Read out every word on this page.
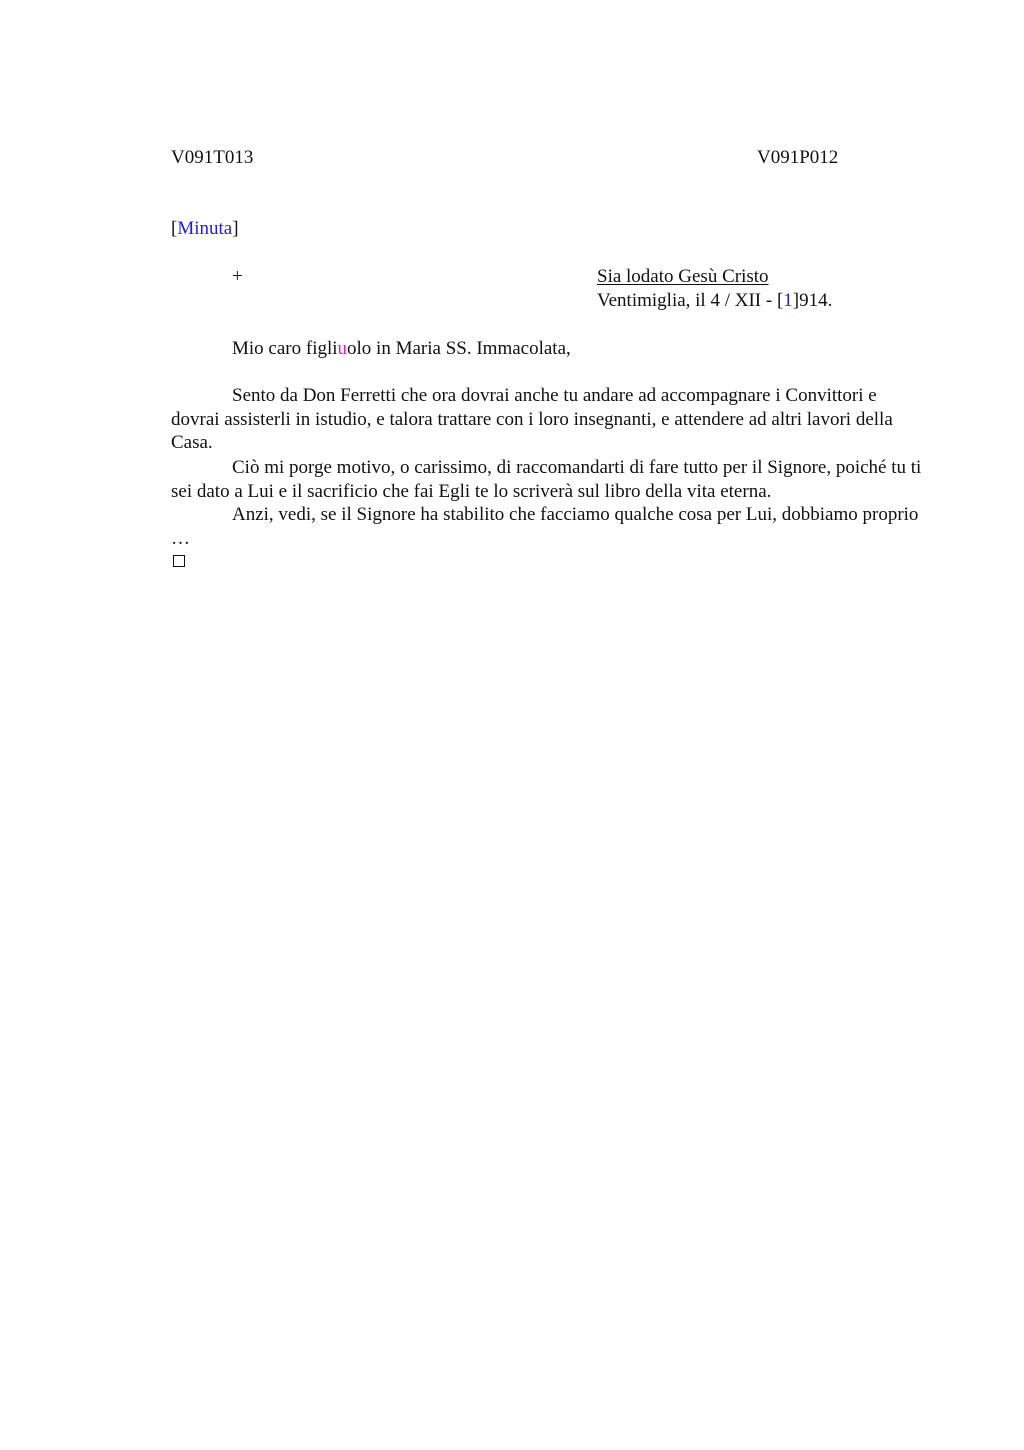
V091T013	V091P012
[Minuta]
+	Sia lodato Gesù Cristo
Ventimiglia, il 4 / XII - [1]914.
Mio caro figliuolo in Maria SS. Immacolata,
Sento da Don Ferretti che ora dovrai anche tu andare ad accompagnare i Convittori e dovrai assisterli in istudio, e talora trattare con i loro insegnanti, e attendere ad altri lavori della Casa.
Ciò mi porge motivo, o carissimo, di raccomandarti di fare tutto per il Signore, poiché tu ti sei dato a Lui e il sacrificio che fai Egli te lo scriverà sul libro della vita eterna.
Anzi, vedi, se il Signore ha stabilito che facciamo qualche cosa per Lui, dobbiamo proprio …
